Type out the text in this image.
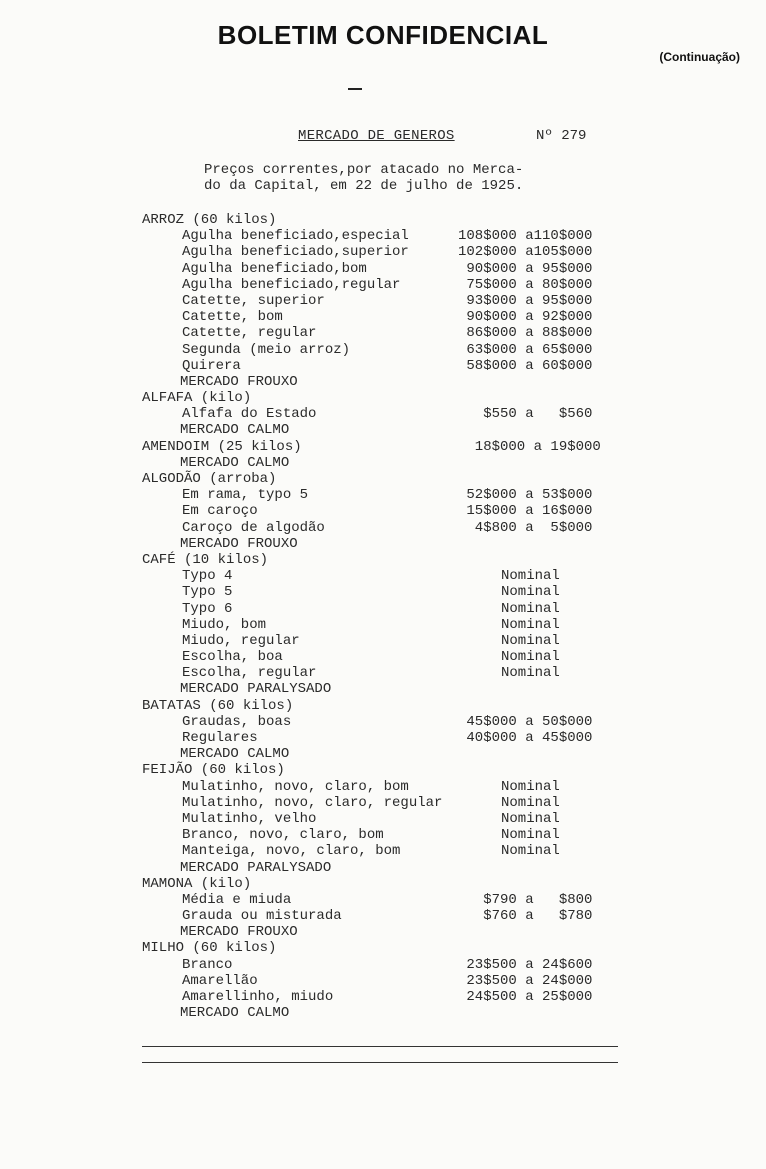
BOLETIM CONFIDENCIAL
(Continuação)
MERCADO DE GENEROS	Nº 279
Preços correntes,por atacado no Merca-
do da Capital, em 22 de julho de 1925.
ARROZ (60 kilos)
Agulha beneficiado,especial	108$000 a110$000
Agulha beneficiado,superior	102$000 a105$000
Agulha beneficiado,bom	90$000 a 95$000
Agulha beneficiado,regular	75$000 a 80$000
Catette, superior	93$000 a 95$000
Catette, bom	90$000 a 92$000
Catette, regular	86$000 a 88$000
Segunda (meio arroz)	63$000 a 65$000
Quirera	58$000 a 60$000
MERCADO FROUXO
ALFAFA (kilo)
Alfafa do Estado	$550 a   $560
MERCADO CALMO
AMENDOIM (25 kilos)	18$000 a 19$000
MERCADO CALMO
ALGODÃO (arroba)
Em rama, typo 5	52$000 a 53$000
Em caroço	15$000 a 16$000
Caroço de algodão	4$800 a  5$000
MERCADO FROUXO
CAFÉ (10 kilos)
Typo 4	Nominal
Typo 5	Nominal
Typo 6	Nominal
Miudo, bom	Nominal
Miudo, regular	Nominal
Escolha, boa	Nominal
Escolha, regular	Nominal
MERCADO PARALYSADO
BATATAS (60 kilos)
Graudas, boas	45$000 a 50$000
Regulares	40$000 a 45$000
MERCADO CALMO
FEIJÃO (60 kilos)
Mulatinho, novo, claro, bom	Nominal
Mulatinho, novo, claro, regular	Nominal
Mulatinho, velho	Nominal
Branco, novo, claro, bom	Nominal
Manteiga, novo, claro, bom	Nominal
MERCADO PARALYSADO
MAMONA (kilo)
Média e miuda	$790 a   $800
Grauda ou misturada	$760 a   $780
MERCADO FROUXO
MILHO (60 kilos)
Branco	23$500 a 24$600
Amarellão	23$500 a 24$000
Amarellinho, miudo	24$500 a 25$000
MERCADO CALMO
